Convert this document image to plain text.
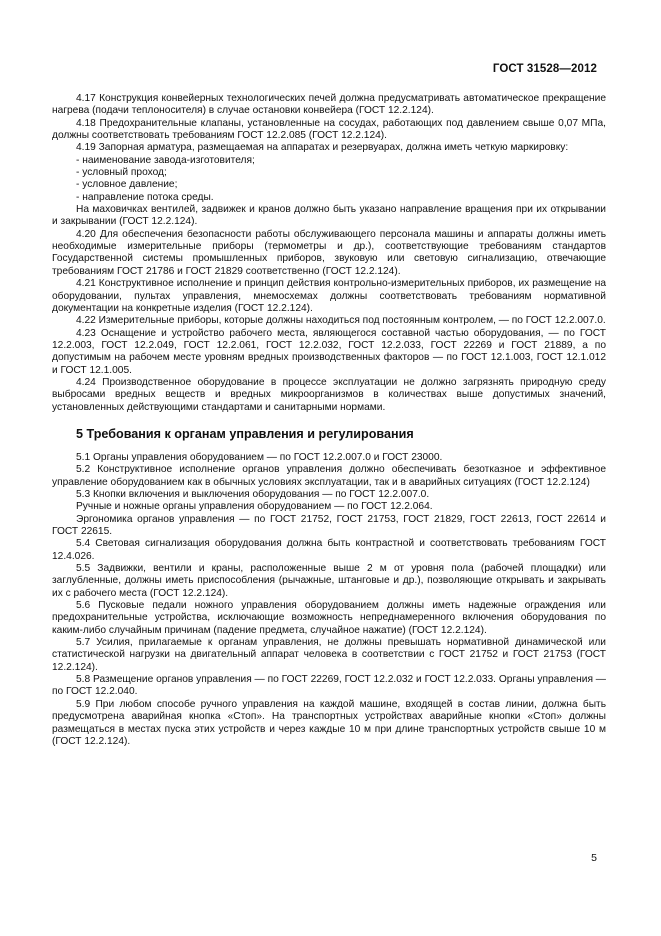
ГОСТ 31528—2012

4.17 Конструкция конвейерных технологических печей должна предусматривать автоматическое прекращение нагрева (подачи теплоносителя) в случае остановки конвейера (ГОСТ 12.2.124).

4.18 Предохранительные клапаны, установленные на сосудах, работающих под давлением свыше 0,07 МПа, должны соответствовать требованиям ГОСТ 12.2.085 (ГОСТ 12.2.124).

4.19 Запорная арматура, размещаемая на аппаратах и резервуарах, должна иметь четкую маркировку:

- наименование завода-изготовителя;

- условный проход;

- условное давление;

- направление потока среды.

На маховичках вентилей, задвижек и кранов должно быть указано направление вращения при их открывании и закрывании (ГОСТ 12.2.124).

4.20 Для обеспечения безопасности работы обслуживающего персонала машины и аппараты должны иметь необходимые измерительные приборы (термометры и др.), соответствующие требованиям стандартов Государственной системы промышленных приборов, звуковую или световую сигнализацию, отвечающие требованиям ГОСТ 21786 и ГОСТ 21829 соответственно (ГОСТ 12.2.124).

4.21 Конструктивное исполнение и принцип действия контрольно-измерительных приборов, их размещение на оборудовании, пультах управления, мнемосхемах должны соответствовать требованиям нормативной документации на конкретные изделия (ГОСТ 12.2.124).

4.22 Измерительные приборы, которые должны находиться под постоянным контролем, — по ГОСТ 12.2.007.0.

4.23 Оснащение и устройство рабочего места, являющегося составной частью оборудования, — по ГОСТ 12.2.003, ГОСТ 12.2.049, ГОСТ 12.2.061, ГОСТ 12.2.032, ГОСТ 12.2.033, ГОСТ 22269 и ГОСТ 21889, а по допустимым на рабочем месте уровням вредных производственных факторов — по ГОСТ 12.1.003, ГОСТ 12.1.012 и ГОСТ 12.1.005.

4.24 Производственное оборудование в процессе эксплуатации не должно загрязнять природную среду выбросами вредных веществ и вредных микроорганизмов в количествах выше допустимых значений, установленных действующими стандартами и санитарными нормами.

5 Требования к органам управления и регулирования

5.1 Органы управления оборудованием — по ГОСТ 12.2.007.0 и ГОСТ 23000.

5.2 Конструктивное исполнение органов управления должно обеспечивать безотказное и эффективное управление оборудованием как в обычных условиях эксплуатации, так и в аварийных ситуациях (ГОСТ 12.2.124)

5.3 Кнопки включения и выключения оборудования — по ГОСТ 12.2.007.0.

Ручные и ножные органы управления оборудованием — по ГОСТ 12.2.064.

Эргономика органов управления — по ГОСТ 21752, ГОСТ 21753, ГОСТ 21829, ГОСТ 22613, ГОСТ 22614 и ГОСТ 22615.

5.4 Световая сигнализация оборудования должна быть контрастной и соответствовать требованиям ГОСТ 12.4.026.

5.5 Задвижки, вентили и краны, расположенные выше 2 м от уровня пола (рабочей площадки) или заглубленные, должны иметь приспособления (рычажные, штанговые и др.), позволяющие открывать и закрывать их с рабочего места (ГОСТ 12.2.124).

5.6 Пусковые педали ножного управления оборудованием должны иметь надежные ограждения или предохранительные устройства, исключающие возможность непреднамеренного включения оборудования по каким-либо случайным причинам (падение предмета, случайное нажатие) (ГОСТ 12.2.124).

5.7 Усилия, прилагаемые к органам управления, не должны превышать нормативной динамической или статистической нагрузки на двигательный аппарат человека в соответствии с ГОСТ 21752 и ГОСТ 21753 (ГОСТ 12.2.124).

5.8 Размещение органов управления — по ГОСТ 22269, ГОСТ 12.2.032 и ГОСТ 12.2.033. Органы управления — по ГОСТ 12.2.040.

5.9 При любом способе ручного управления на каждой машине, входящей в состав линии, должна быть предусмотрена аварийная кнопка «Стоп». На транспортных устройствах аварийные кнопки «Стоп» должны размещаться в местах пуска этих устройств и через каждые 10 м при длине транспортных устройств свыше 10 м (ГОСТ 12.2.124).

5
